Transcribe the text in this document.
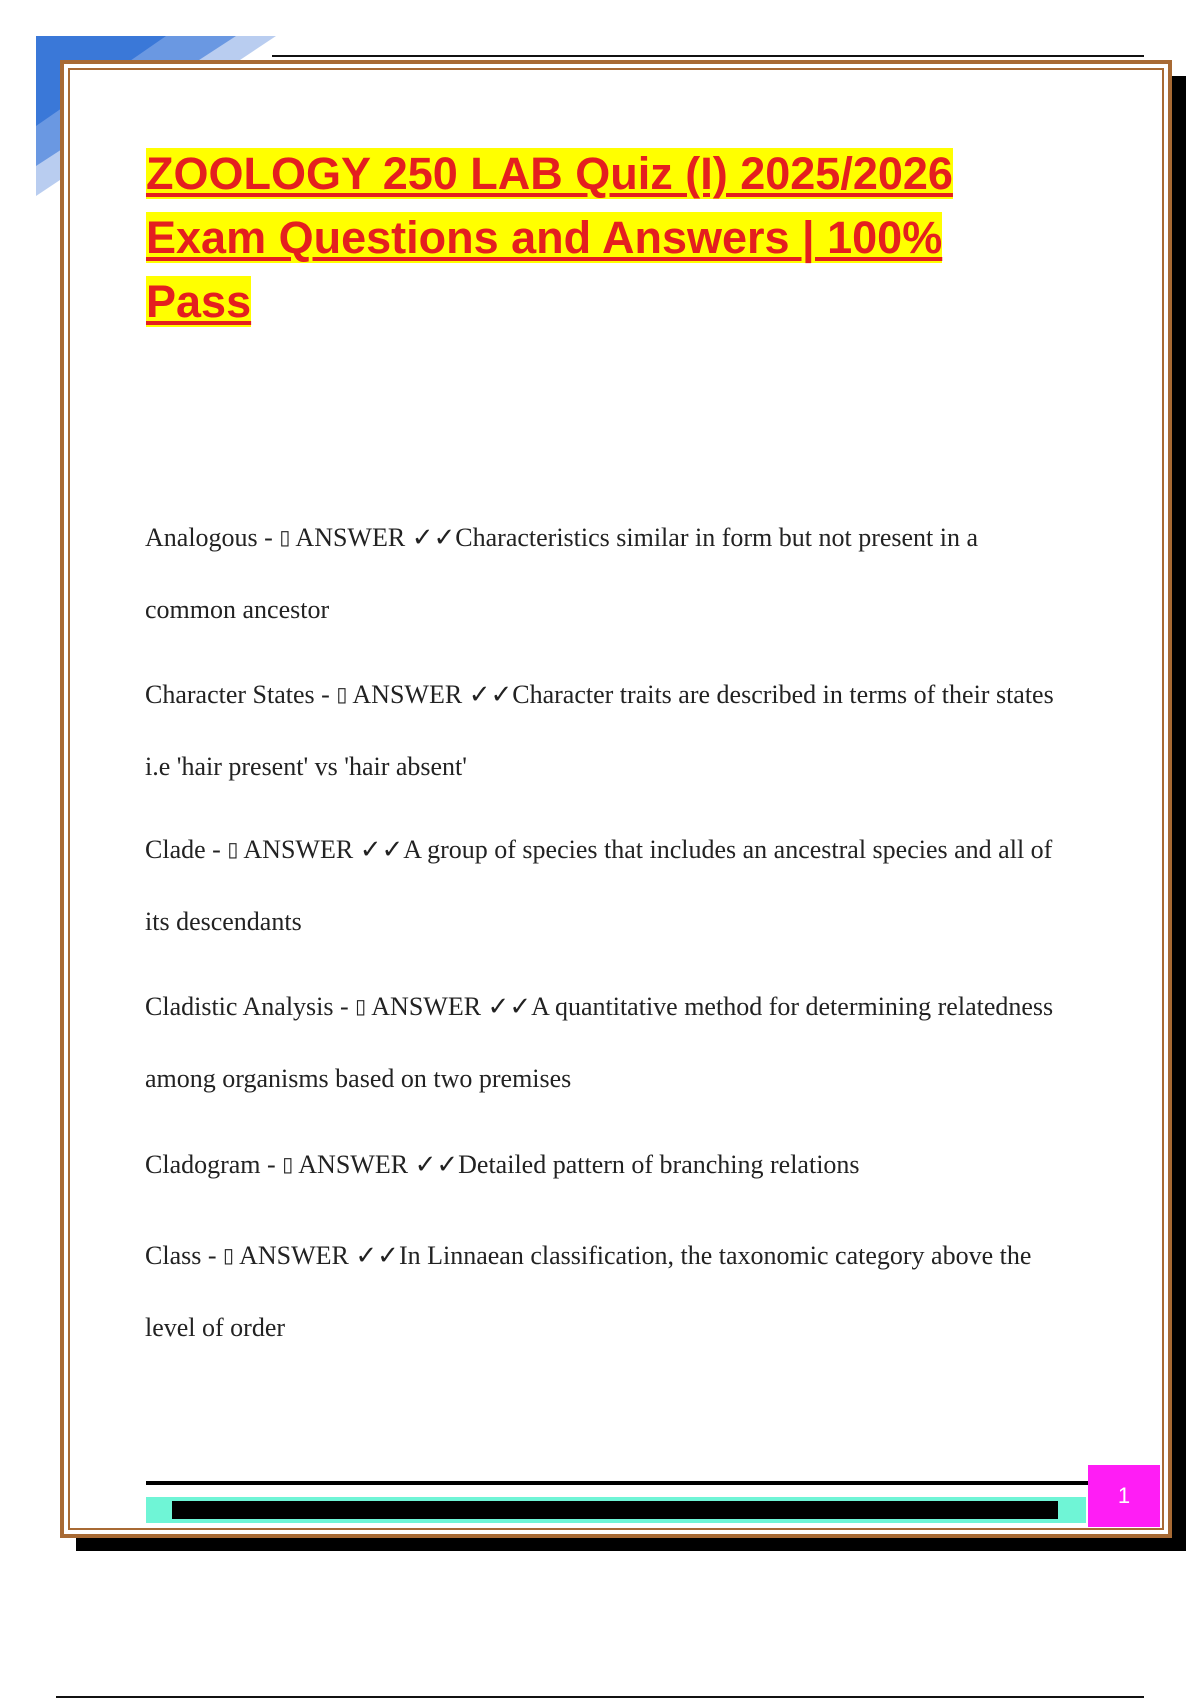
ZOOLOGY 250 LAB Quiz (I) 2025/2026 Exam Questions and Answers | 100% Pass

Analogous - ▯ ANSWER ✓✓Characteristics similar in form but not present in a common ancestor

Character States - ▯ ANSWER ✓✓Character traits are described in terms of their states i.e 'hair present' vs 'hair absent'

Clade - ▯ ANSWER ✓✓A group of species that includes an ancestral species and all of its descendants

Cladistic Analysis - ▯ ANSWER ✓✓A quantitative method for determining relatedness among organisms based on two premises

Cladogram - ▯ ANSWER ✓✓Detailed pattern of branching relations

Class - ▯ ANSWER ✓✓In Linnaean classification, the taxonomic category above the level of order

1
